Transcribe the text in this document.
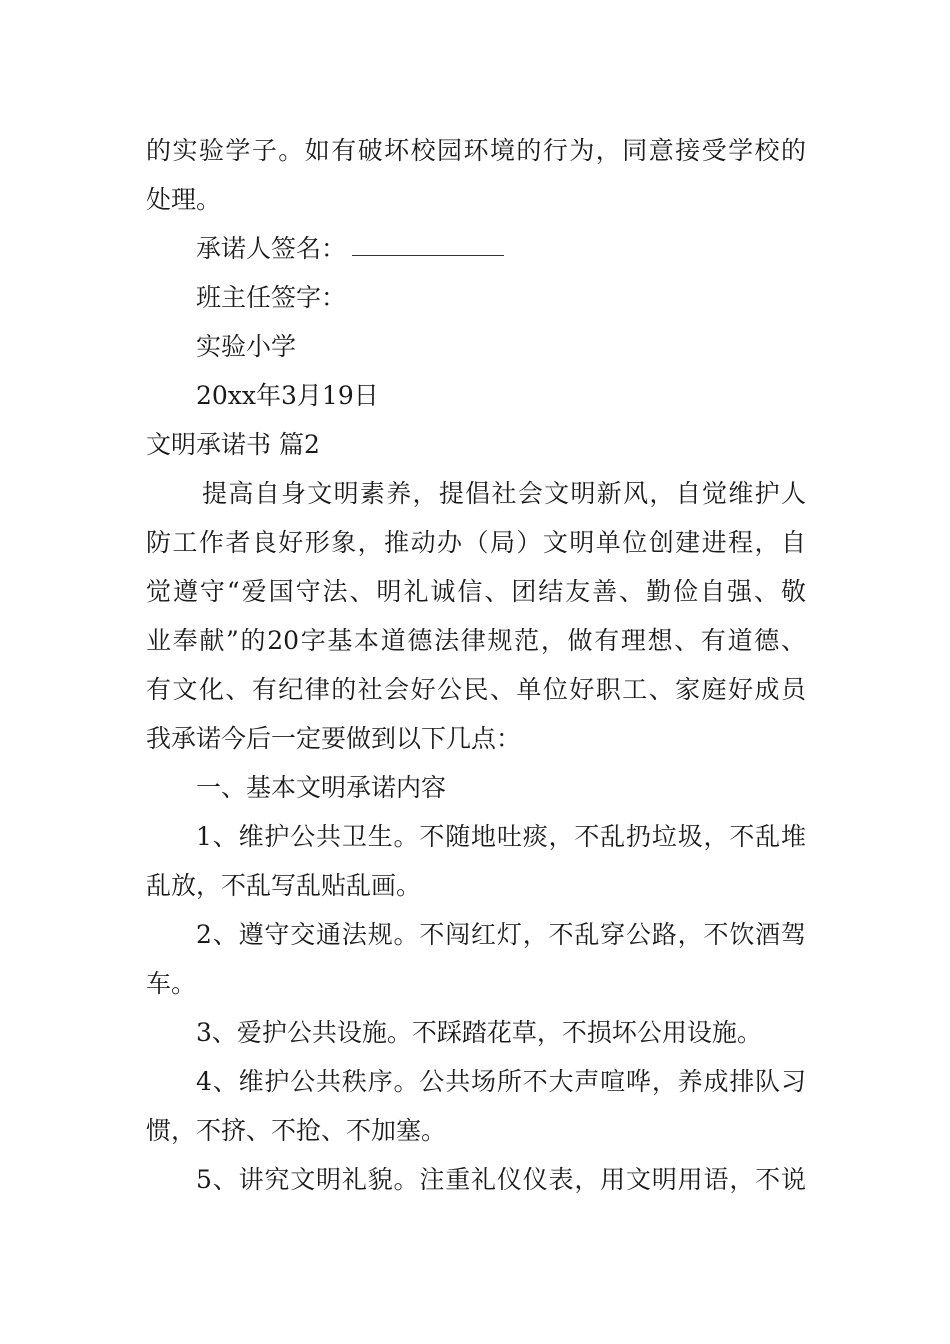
的实验学子。如有破坏校园环境的行为，同意接受学校的
处理。
承诺人签名：
班主任签字：
实验小学
20xx年3月19日
文明承诺书 篇2
提高自身文明素养，提倡社会文明新风，自觉维护人
防工作者良好形象，推动办（局）文明单位创建进程，自
觉遵守“爱国守法、明礼诚信、团结友善、勤俭自强、敬
业奉献”的20字基本道德法律规范，做有理想、有道德、
有文化、有纪律的社会好公民、单位好职工、家庭好成员
我承诺今后一定要做到以下几点：
一、基本文明承诺内容
1、维护公共卫生。不随地吐痰，不乱扔垃圾，不乱堆
乱放，不乱写乱贴乱画。
2、遵守交通法规。不闯红灯，不乱穿公路，不饮酒驾
车。
3、爱护公共设施。不踩踏花草，不损坏公用设施。
4、维护公共秩序。公共场所不大声喧哗，养成排队习
惯，不挤、不抢、不加塞。
5、讲究文明礼貌。注重礼仪仪表，用文明用语，不说
